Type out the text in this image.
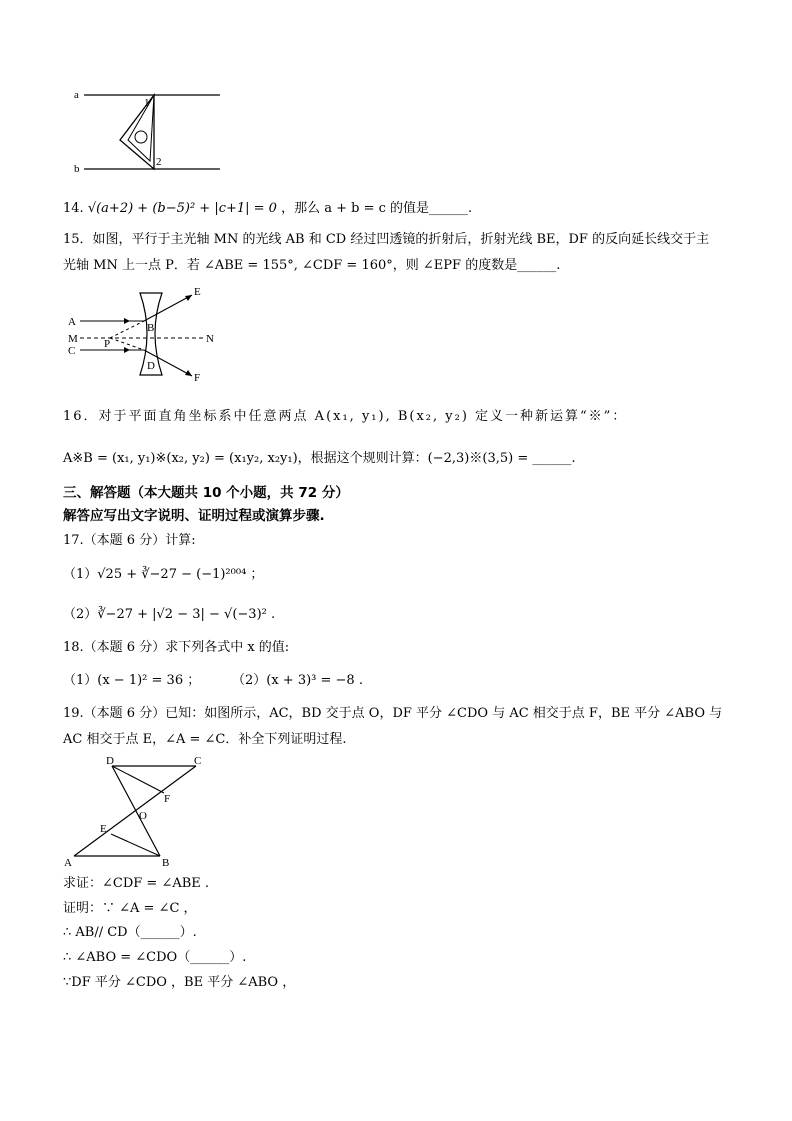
a
b
1
2
14. √(a+2) + (b−5)² + |c+1| = 0 ，那么 a + b = c 的值是______.
15．如图，平行于主光轴 MN 的光线 AB 和 CD 经过凹透镜的折射后，折射光线 BE，DF 的反向延长线交于主
光轴 MN 上一点 P．若 ∠ABE = 155°, ∠CDF = 160°，则 ∠EPF 的度数是______.
A
M
C
P
B
D
N
E
F
16．对于平面直角坐标系中任意两点 A(x₁, y₁), B(x₂, y₂) 定义一种新运算“※”：
A※B = (x₁, y₁)※(x₂, y₂) = (x₁y₂, x₂y₁)，根据这个规则计算：(−2,3)※(3,5) = ______.
三、解答题（本大题共 10 个小题，共 72 分）
解答应写出文字说明、证明过程或演算步骤.
17.（本题 6 分）计算:
（1）√25 + ∛−27 − (−1)²⁰⁰⁴ ；
（2）∛−27 + |√2 − 3| − √(−3)² .
18.（本题 6 分）求下列各式中 x 的值:
（1）(x − 1)² = 36 ； （2）(x + 3)³ = −8 .
19.（本题 6 分）已知：如图所示，AC，BD 交于点 O，DF 平分 ∠CDO 与 AC 相交于点 F，BE 平分 ∠ABO 与
AC 相交于点 E，∠A = ∠C．补全下列证明过程.
D	C
F
O
E
A	B
求证：∠CDF = ∠ABE .
证明：∵ ∠A = ∠C ，
∴ AB// CD（______）.
∴ ∠ABO = ∠CDO（______）.
∵DF 平分 ∠CDO ，BE 平分 ∠ABO ，
